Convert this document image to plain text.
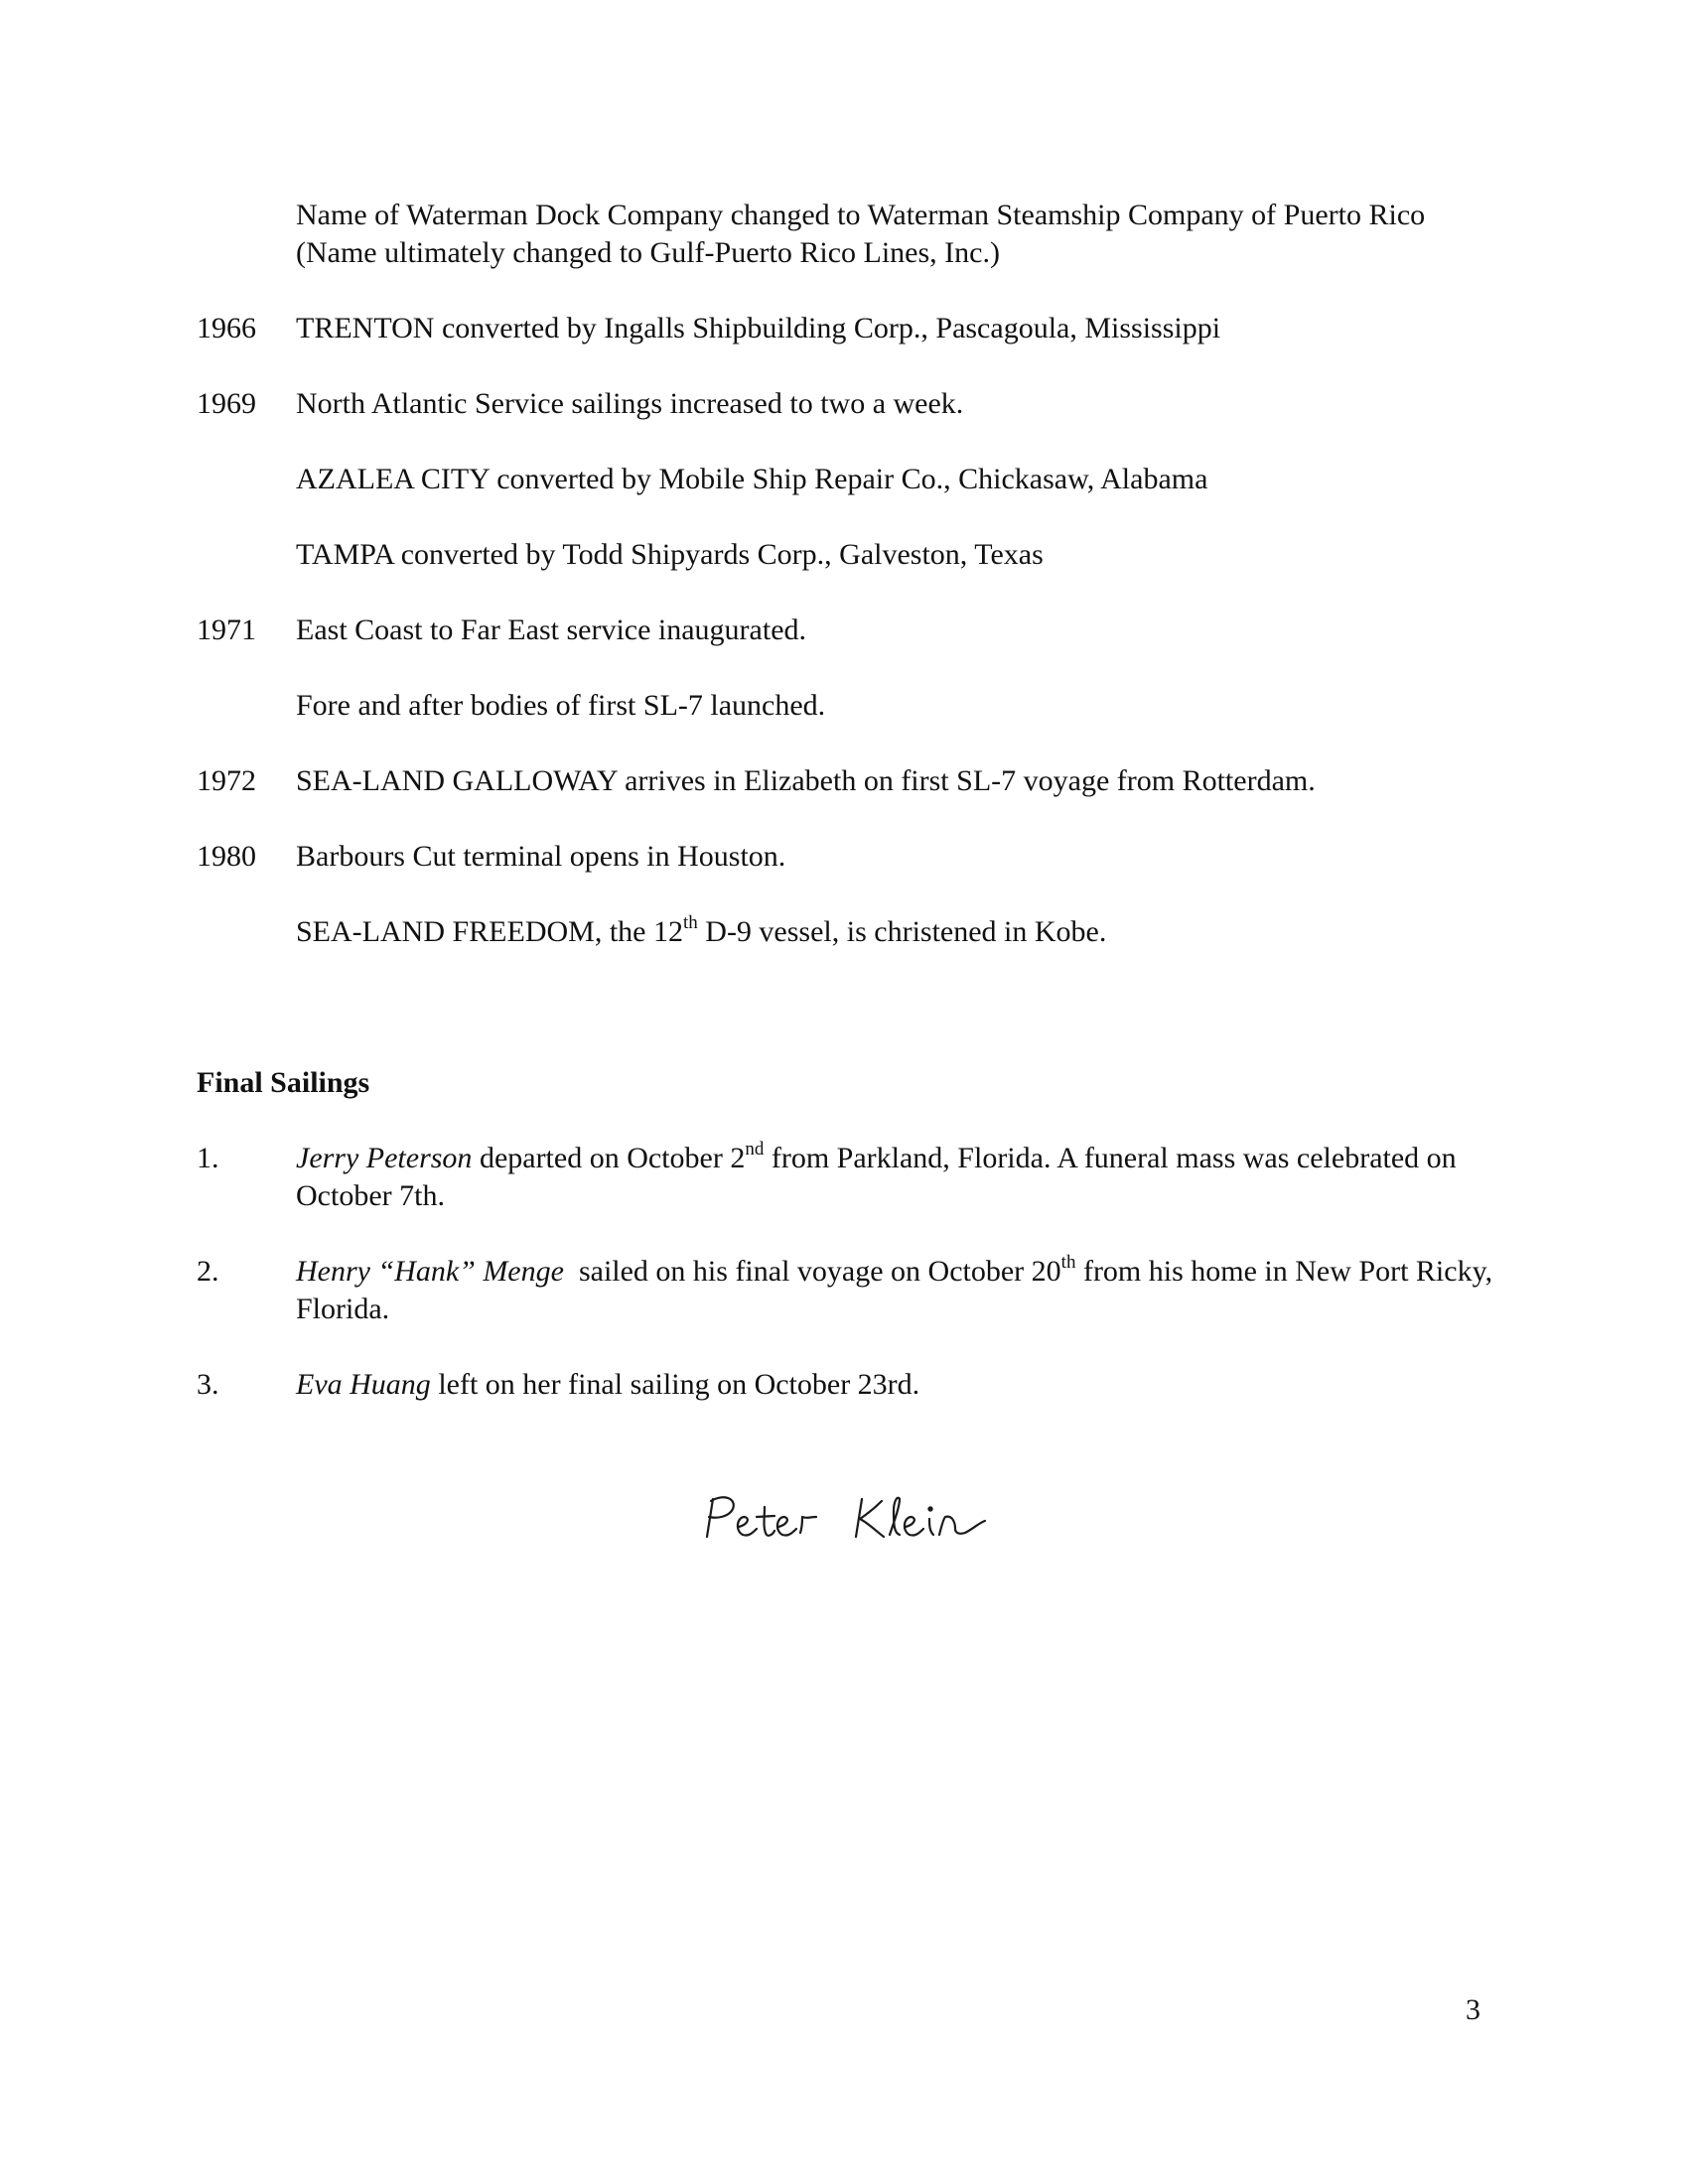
Name of Waterman Dock Company changed to Waterman Steamship Company of Puerto Rico (Name ultimately changed to Gulf-Puerto Rico Lines, Inc.)
1966	TRENTON converted by Ingalls Shipbuilding Corp., Pascagoula, Mississippi
1969	North Atlantic Service sailings increased to two a week.
AZALEA CITY converted by Mobile Ship Repair Co., Chickasaw, Alabama
TAMPA converted by Todd Shipyards Corp., Galveston, Texas
1971	East Coast to Far East service inaugurated.
Fore and after bodies of first SL-7 launched.
1972	SEA-LAND GALLOWAY arrives in Elizabeth on first SL-7 voyage from Rotterdam.
1980	Barbours Cut terminal opens in Houston.
SEA-LAND FREEDOM, the 12th D-9 vessel, is christened in Kobe.
Final Sailings
1.	Jerry Peterson departed on October 2nd from Parkland, Florida. A funeral mass was celebrated on October 7th.
2.	Henry “Hank” Menge  sailed on his final voyage on October 20th from his home in New Port Ricky, Florida.
3.	Eva Huang left on her final sailing on October 23rd.
3
